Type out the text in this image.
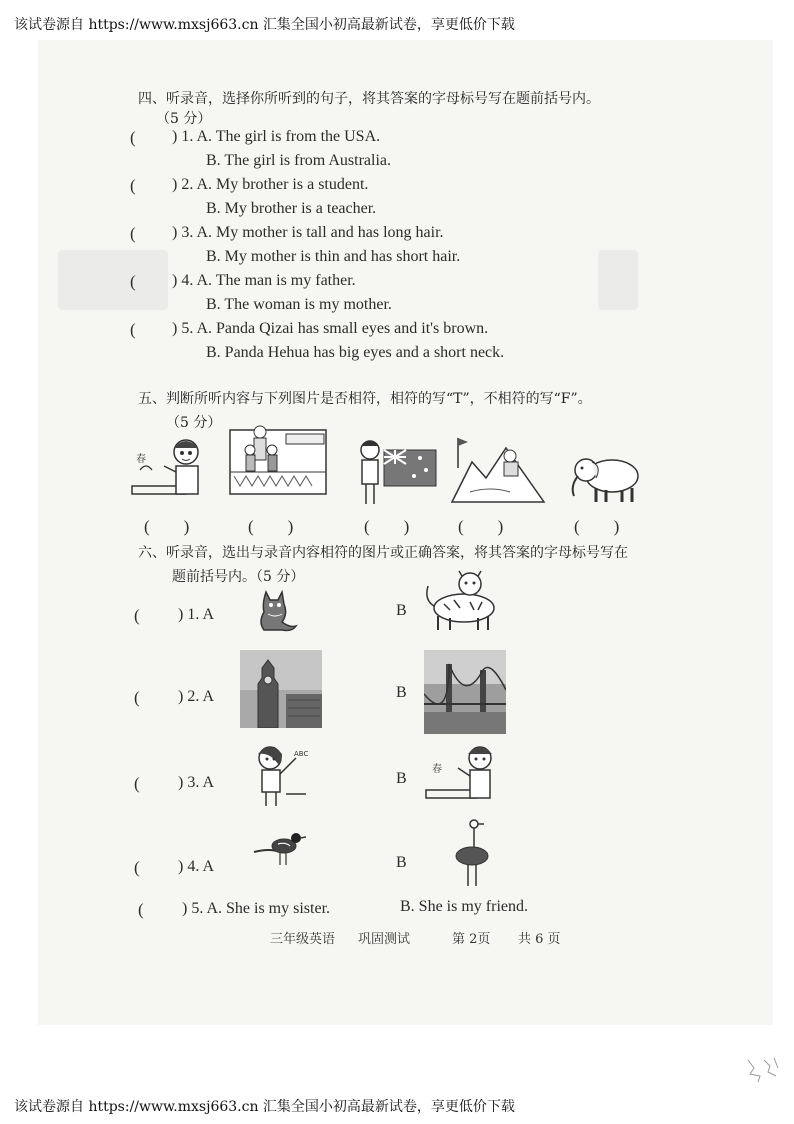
该试卷源自 https://www.mxsj663.cn 汇集全国小初高最新试卷，享更低价下载
四、听录音，选择你所听到的句子，将其答案的字母标号写在题前括号内。
（5 分）
( ) 1. A. The girl is from the USA.
B. The girl is from Australia.
( ) 2. A. My brother is a student.
B. My brother is a teacher.
( ) 3. A. My mother is tall and has long hair.
B. My mother is thin and has short hair.
( ) 4. A. The man is my father.
B. The woman is my mother.
( ) 5. A. Panda Qizai has small eyes and it's brown.
B. Panda Hehua has big eyes and a short neck.
五、判断所听内容与下列图片是否相符，相符的写“T”，不相符的写“F”。
（5 分）
春
(　　)	(　　)	(　　)	(　　)	(　　)
六、听录音，选出与录音内容相符的图片或正确答案，将其答案的字母标号写在
题前括号内。（5 分）
( ) 1. A	B
( ) 2. A	B
( ) 3. A
ABC
B
春
( ) 4. A	B
( ) 5. A. She is my sister.	B. She is my friend.
三年级英语 巩固测试	第 2页 共 6 页
该试卷源自 https://www.mxsj663.cn 汇集全国小初高最新试卷，享更低价下载
